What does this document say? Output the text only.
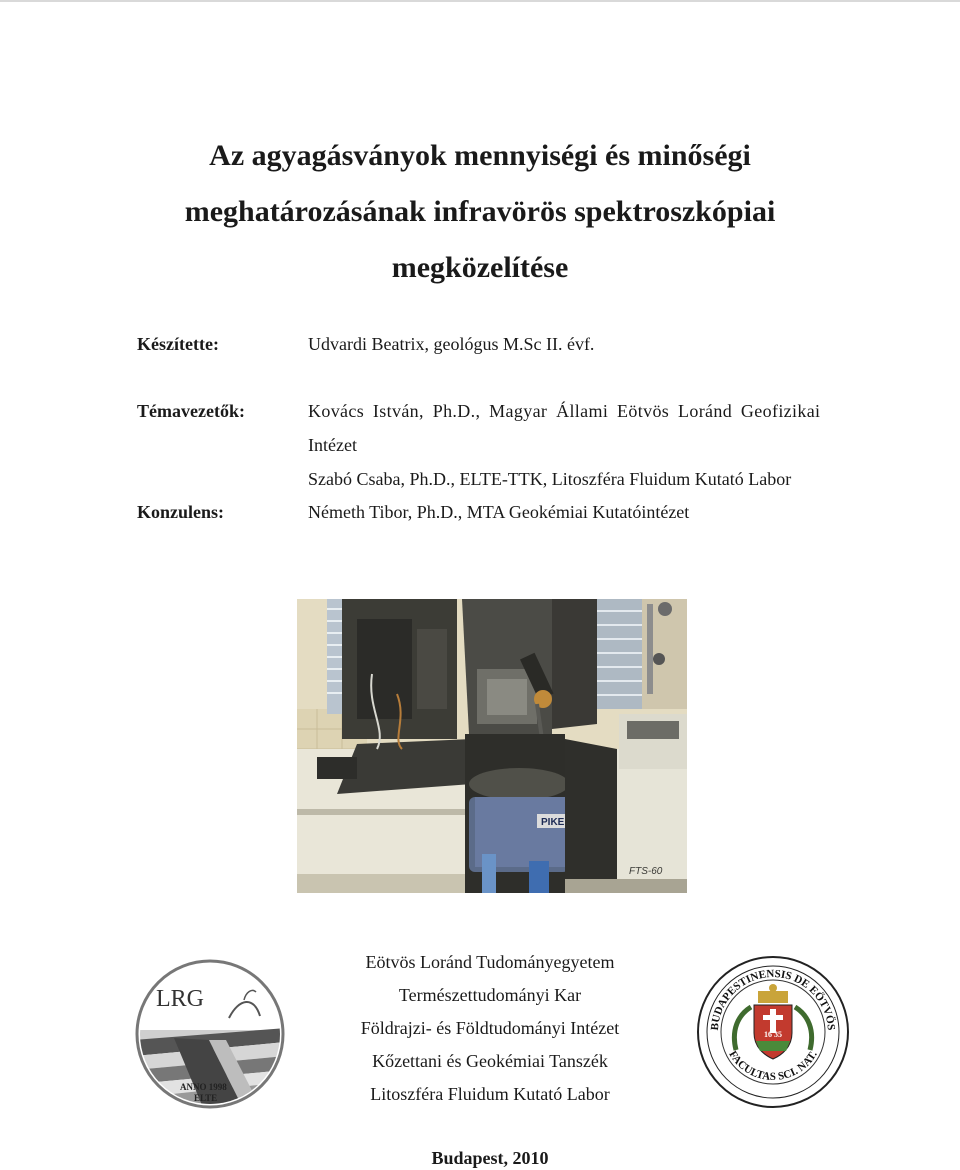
Az agyagásványok mennyiségi és minőségi
meghatározásának infravörös spektroszkópiai
megközelítése
Készítette:	Udvardi Beatrix, geológus M.Sc II. évf.
Témavezetők:	Kovács István, Ph.D., Magyar Állami Eötvös Loránd Geofizikai
Intézet
Szabó Csaba, Ph.D., ELTE-TTK, Litoszféra Fluidum Kutató Labor
Konzulens:	Németh Tibor, Ph.D., MTA Geokémiai Kutatóintézet
PIKE
FTS-60
LRG
ANNO 1998
ELTE
Eötvös Loránd Tudományegyetem
Természettudományi Kar
Földrajzi- és Földtudományi Intézet
Kőzettani és Geokémiai Tanszék
Litoszféra Fluidum Kutató Labor
BUDAPESTINENSIS DE EÖTVÖS
FACULTAS SCI. NAT.
16 35
Budapest, 2010
